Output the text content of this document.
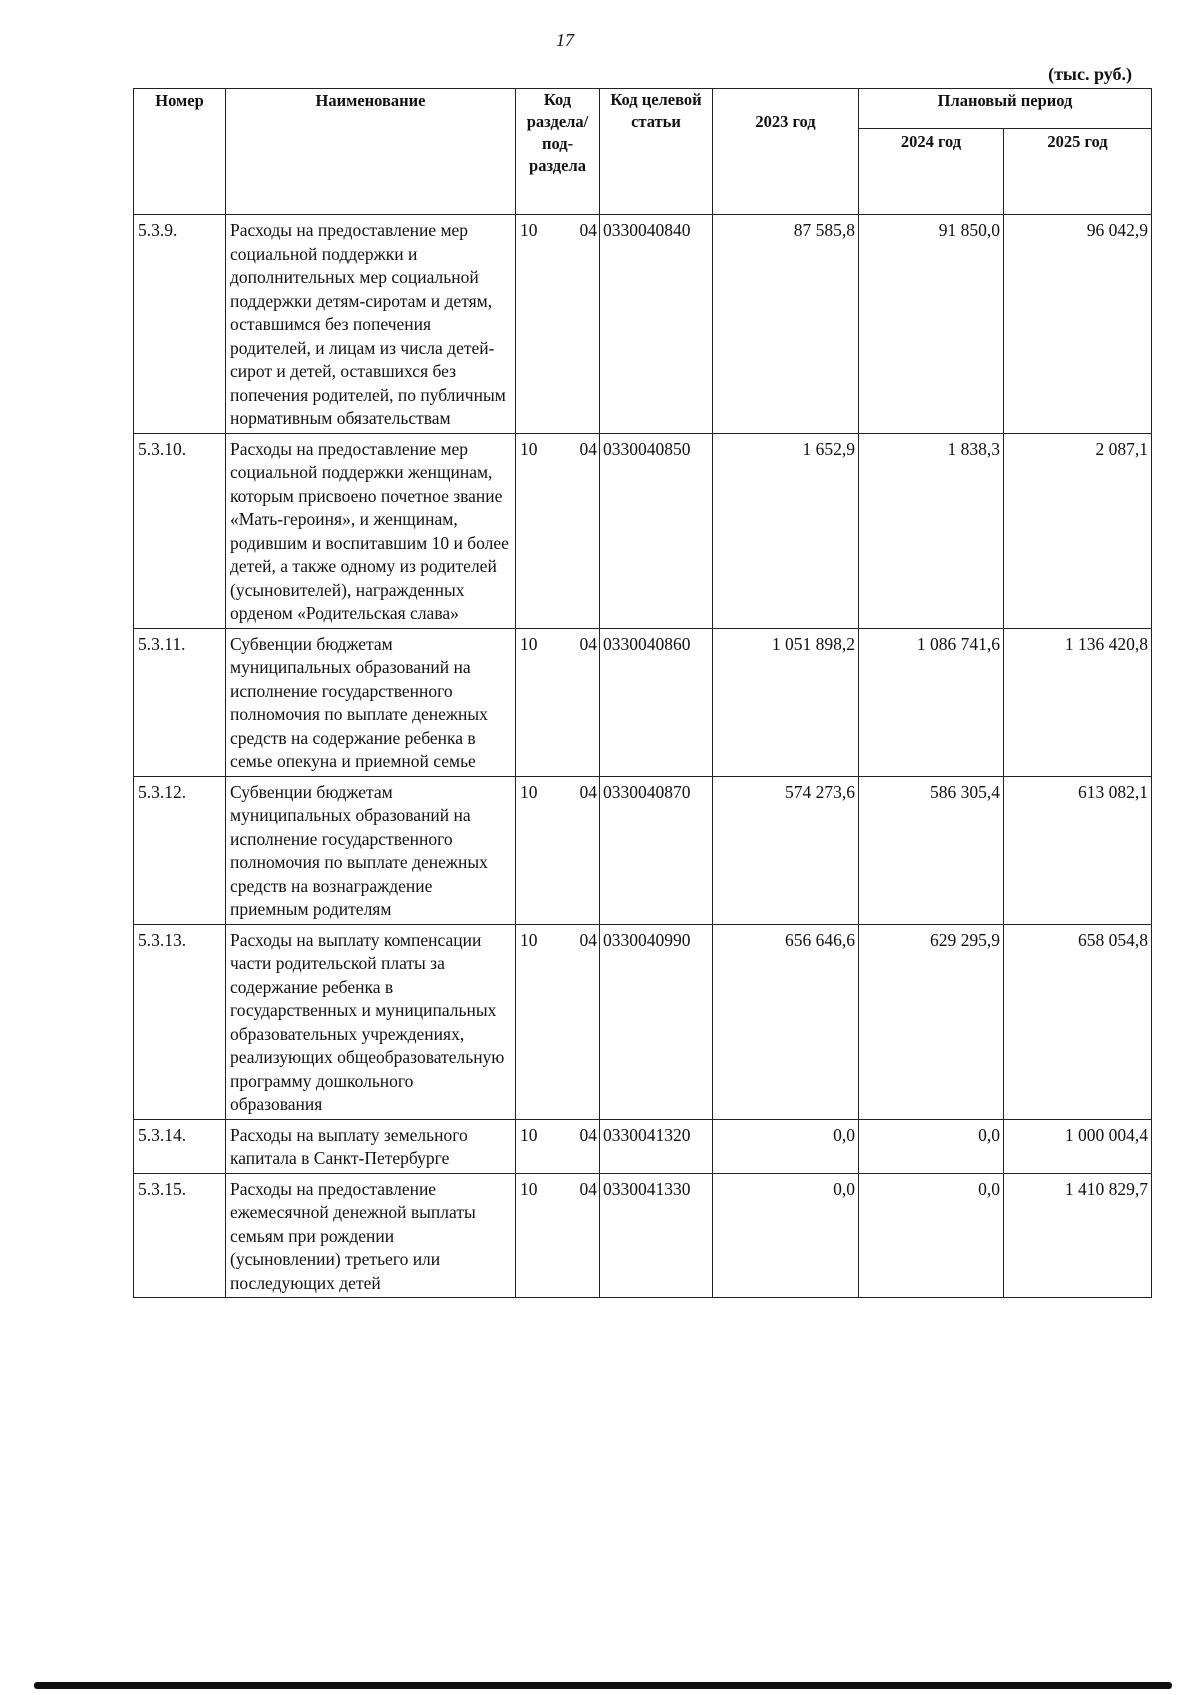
17
(тыс. руб.)
Номер	Наименование	Код раздела/ под-раздела	Код целевой статьи	2023 год	Плановый период	
					2024 год	2025 год
5.3.9.	Расходы на предоставление мер социальной поддержки и дополнительных мер социальной поддержки детям-сиротам и детям, оставшимся без попечения родителей, и лицам из числа детей-сирот и детей, оставшихся без попечения родителей, по публичным нормативным обязательствам	10 04	0330040840	87 585,8	91 850,0	96 042,9
5.3.10.	Расходы на предоставление мер социальной поддержки женщинам, которым присвоено почетное звание «Мать-героиня», и женщинам, родившим и воспитавшим 10 и более детей, а также одному из родителей (усыновителей), награжденных орденом «Родительская слава»	10 04	0330040850	1 652,9	1 838,3	2 087,1
5.3.11.	Субвенции бюджетам муниципальных образований на исполнение государственного полномочия по выплате денежных средств на содержание ребенка в семье опекуна и приемной семье	10 04	0330040860	1 051 898,2	1 086 741,6	1 136 420,8
5.3.12.	Субвенции бюджетам муниципальных образований на исполнение государственного полномочия по выплате денежных средств на вознаграждение приемным родителям	10 04	0330040870	574 273,6	586 305,4	613 082,1
5.3.13.	Расходы на выплату компенсации части родительской платы за содержание ребенка в государственных и муниципальных образовательных учреждениях, реализующих общеобразовательную программу дошкольного образования	10 04	0330040990	656 646,6	629 295,9	658 054,8
5.3.14.	Расходы на выплату земельного капитала в Санкт-Петербурге	10 04	0330041320	0,0	0,0	1 000 004,4
5.3.15.	Расходы на предоставление ежемесячной денежной выплаты семьям при рождении (усыновлении) третьего или последующих детей	10 04	0330041330	0,0	0,0	1 410 829,7
